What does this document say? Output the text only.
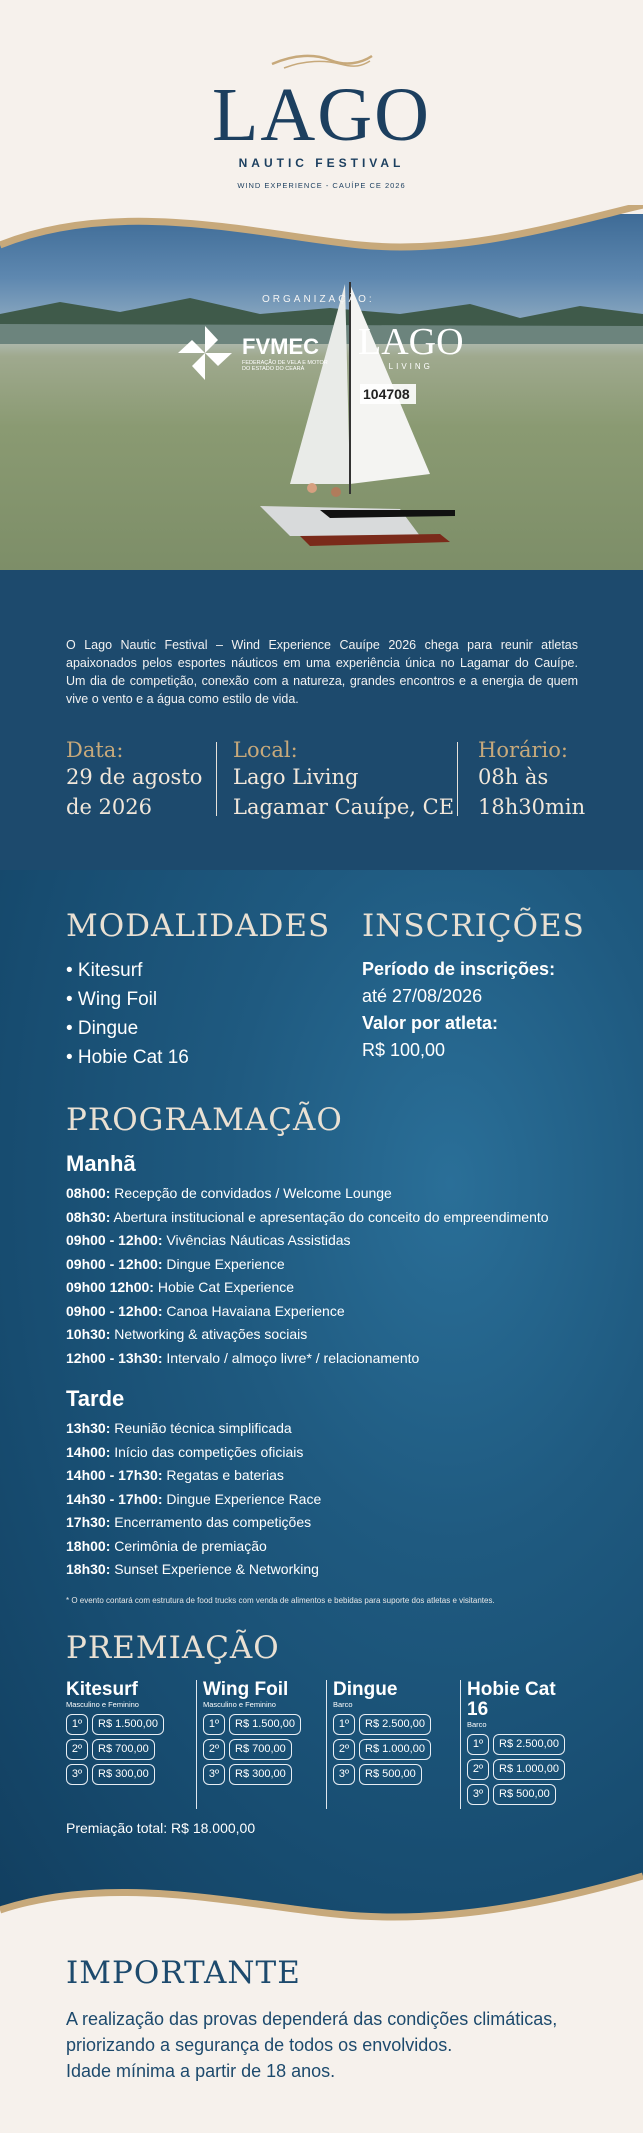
LAGO
NAUTIC FESTIVAL
WIND EXPERIENCE - CAUÍPE CE 2026
104708
ORGANIZAÇÃO:
FVMEC
FEDERAÇÃO DE VELA E MOTOR DO ESTADO DO CEARÁ
LAGO
LIVING

O Lago Nautic Festival – Wind Experience Cauípe 2026 chega para reunir atletas apaixonados pelos esportes náuticos em uma experiência única no Lagamar do Cauípe. Um dia de competição, conexão com a natureza, grandes encontros e a energia de quem vive o vento e a água como estilo de vida.

Data:
29 de agosto
de 2026
Local:
Lago Living
Lagamar Cauípe, CE
Horário:
08h às
18h30min
MODALIDADES
• Kitesurf
• Wing Foil
• Dingue
• Hobie Cat 16
INSCRIÇÕES
Período de inscrições:
até 27/08/2026
Valor por atleta:
R$ 100,00
PROGRAMAÇÃO
Manhã
08h00: Recepção de convidados / Welcome Lounge
08h30: Abertura institucional e apresentação do conceito do empreendimento
09h00 - 12h00: Vivências Náuticas Assistidas
09h00 - 12h00: Dingue Experience
09h00 12h00: Hobie Cat Experience
09h00 - 12h00: Canoa Havaiana Experience
10h30: Networking & ativações sociais
12h00 - 13h30: Intervalo / almoço livre* / relacionamento
Tarde
13h30: Reunião técnica simplificada
14h00: Início das competições oficiais
14h00 - 17h30: Regatas e baterias
14h30 - 17h00: Dingue Experience Race
17h30: Encerramento das competições
18h00: Cerimônia de premiação
18h30: Sunset Experience & Networking
* O evento contará com estrutura de food trucks com venda de alimentos e bebidas para suporte dos atletas e visitantes.
PREMIAÇÃO
Kitesurf
Masculino e Feminino
1º	R$ 1.500,00
2º	R$ 700,00
3º	R$ 300,00
Wing Foil
Masculino e Feminino
1º	R$ 1.500,00
2º	R$ 700,00
3º	R$ 300,00
Dingue
Barco
1º	R$ 2.500,00
2º	R$ 1.000,00
3º	R$ 500,00
Hobie Cat 16
Barco
1º	R$ 2.500,00
2º	R$ 1.000,00
3º	R$ 500,00
Premiação total: R$ 18.000,00
IMPORTANTE
A realização das provas dependerá das condições climáticas,
priorizando a segurança de todos os envolvidos.
Idade mínima a partir de 18 anos.
